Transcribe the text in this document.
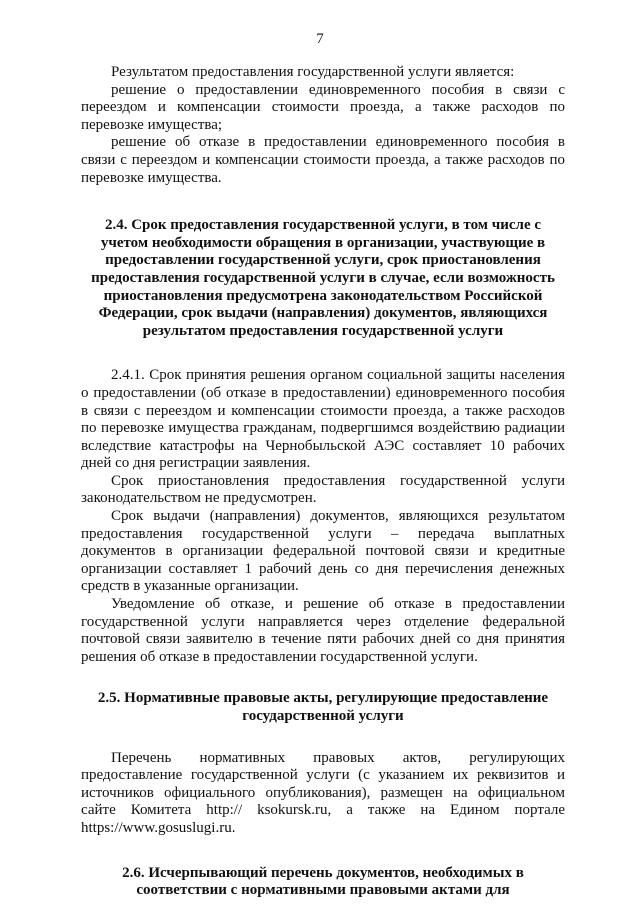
7

Результатом предоставления государственной услуги является:

решение о предоставлении единовременного пособия в связи с переездом и компенсации стоимости проезда, а также расходов по перевозке имущества;

решение об отказе в предоставлении единовременного пособия в связи с переездом и компенсации стоимости проезда, а также расходов по перевозке имущества.

2.4. Срок предоставления государственной услуги, в том числе с учетом необходимости обращения в организации, участвующие в предоставлении государственной услуги, срок приостановления предоставления государственной услуги в случае, если возможность приостановления предусмотрена законодательством Российской Федерации, срок выдачи (направления) документов, являющихся результатом предоставления государственной услуги

2.4.1. Срок принятия решения органом социальной защиты населения о предоставлении (об отказе в предоставлении) единовременного пособия в связи с переездом и компенсации стоимости проезда, а также расходов по перевозке имущества гражданам, подвергшимся воздействию радиации вследствие катастрофы на Чернобыльской АЭС составляет 10 рабочих дней со дня регистрации заявления.

Срок приостановления предоставления государственной услуги законодательством не предусмотрен.

Срок выдачи (направления) документов, являющихся результатом предоставления государственной услуги – передача выплатных документов в организации федеральной почтовой связи и кредитные организации составляет 1 рабочий день со дня перечисления денежных средств в указанные организации.

Уведомление об отказе, и решение об отказе в предоставлении государственной услуги направляется через отделение федеральной почтовой связи заявителю в течение пяти рабочих дней со дня принятия решения об отказе в предоставлении государственной услуги.

2.5. Нормативные правовые акты, регулирующие предоставление государственной услуги

Перечень нормативных правовых актов, регулирующих предоставление государственной услуги (с указанием их реквизитов и источников официального опубликования), размещен на официальном сайте Комитета http:// ksokursk.ru, а также на Едином портале https://www.gosuslugi.ru.

2.6. Исчерпывающий перечень документов, необходимых в соответствии с нормативными правовыми актами для
